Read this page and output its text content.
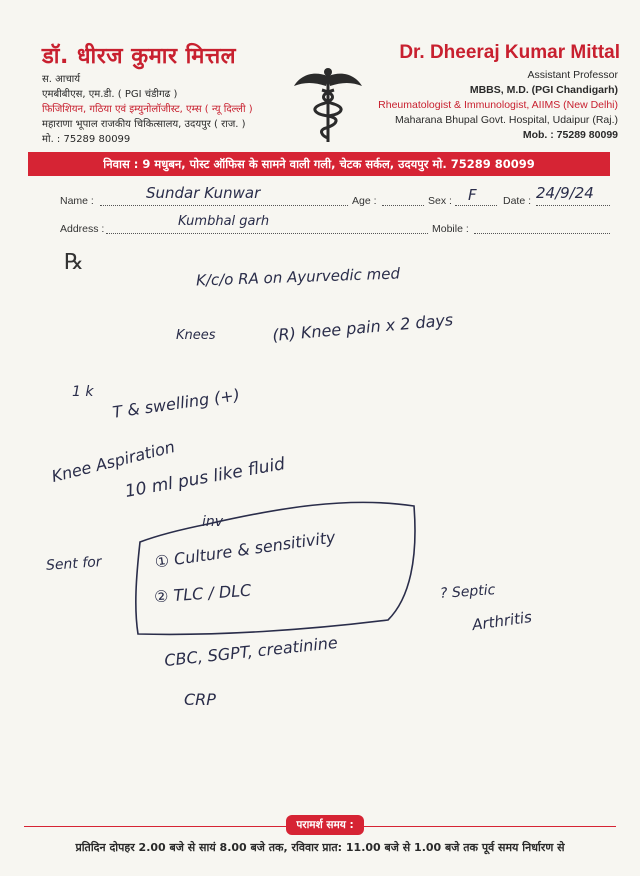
डॉ. धीरज कुमार मित्तल
स. आचार्य
एमबीबीएस, एम.डी. ( PGI चंडीगढ )
फिजिशियन, गठिया एवं इम्युनोलॉजीस्ट, एम्स ( न्यू दिल्ली )
महाराणा भूपाल राजकीय चिकित्सालय, उदयपुर ( राज. )
मो. : 75289 80099
Dr. Dheeraj Kumar Mittal
Assistant Professor
MBBS, M.D. (PGI Chandigarh)
Rheumatologist & Immunologist, AIIMS (New Delhi)
Maharana Bhupal Govt. Hospital, Udaipur (Raj.)
Mob. : 75289 80099
निवास : 9 मधुबन, पोस्ट ऑफिस के सामने वाली गली, चेटक सर्कल, उदयपुर मो. 75289 80099
Name :	Sundar Kunwar	Age :	Sex : F	Date : 24/9/24
Address :	Kumbhal garh	Mobile :
℞
K/c/o RA on Ayurvedic med
Knees	(R) Knee pain x 2 days
1 k T & swelling (+)
Knee Aspiration
10 ml pus like fluid
inv
Sent for	① Culture & sensitivity
② TLC / DLC	? Septic
Arthritis
CBC, SGPT, creatinine
CRP
परामर्श समय :
प्रतिदिन दोपहर 2.00 बजे से सायं 8.00 बजे तक, रविवार प्रात: 11.00 बजे से 1.00 बजे तक पूर्व समय निर्धारण से
